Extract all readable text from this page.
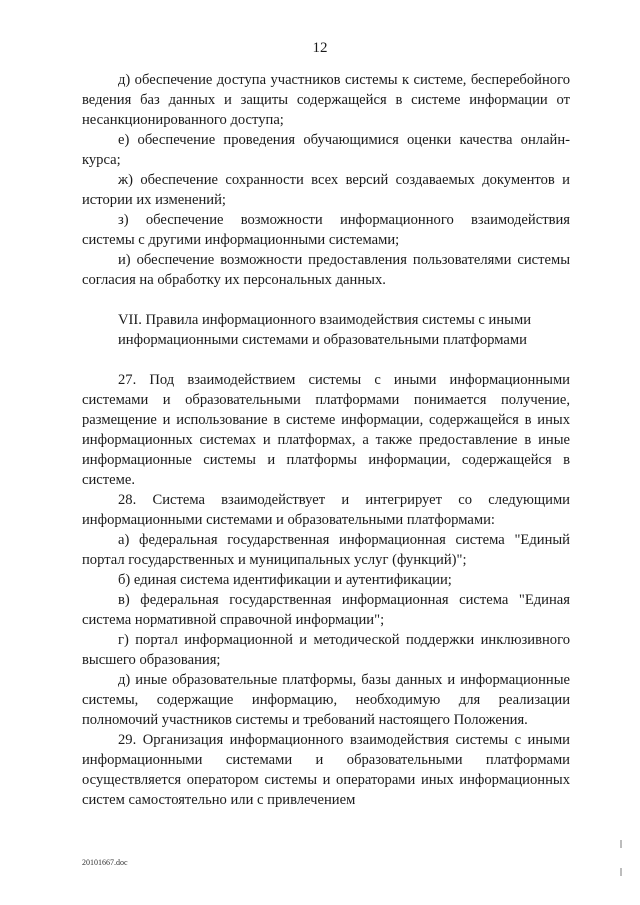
12

д) обеспечение доступа участников системы к системе, бесперебойного ведения баз данных и защиты содержащейся в системе информации от несанкционированного доступа;

е) обеспечение проведения обучающимися оценки качества онлайн-курса;

ж) обеспечение сохранности всех версий создаваемых документов и истории их изменений;

з) обеспечение возможности информационного взаимодействия системы с другими информационными системами;

и) обеспечение возможности предоставления пользователями системы согласия на обработку их персональных данных.

VII. Правила информационного взаимодействия системы с иными
информационными системами и образовательными платформами

27. Под взаимодействием системы с иными информационными системами и образовательными платформами понимается получение, размещение и использование в системе информации, содержащейся в иных информационных системах и платформах, а также предоставление в иные информационные системы и платформы информации, содержащейся в системе.

28. Система взаимодействует и интегрирует со следующими информационными системами и образовательными платформами:

а) федеральная государственная информационная система "Единый портал государственных и муниципальных услуг (функций)";

б) единая система идентификации и аутентификации;

в) федеральная государственная информационная система "Единая система нормативной справочной информации";

г) портал информационной и методической поддержки инклюзивного высшего образования;

д) иные образовательные платформы, базы данных и информационные системы, содержащие информацию, необходимую для реализации полномочий участников системы и требований настоящего Положения.

29. Организация информационного взаимодействия системы с иными информационными системами и образовательными платформами осуществляется оператором системы и операторами иных информационных систем самостоятельно или с привлечением

20101667.doc
